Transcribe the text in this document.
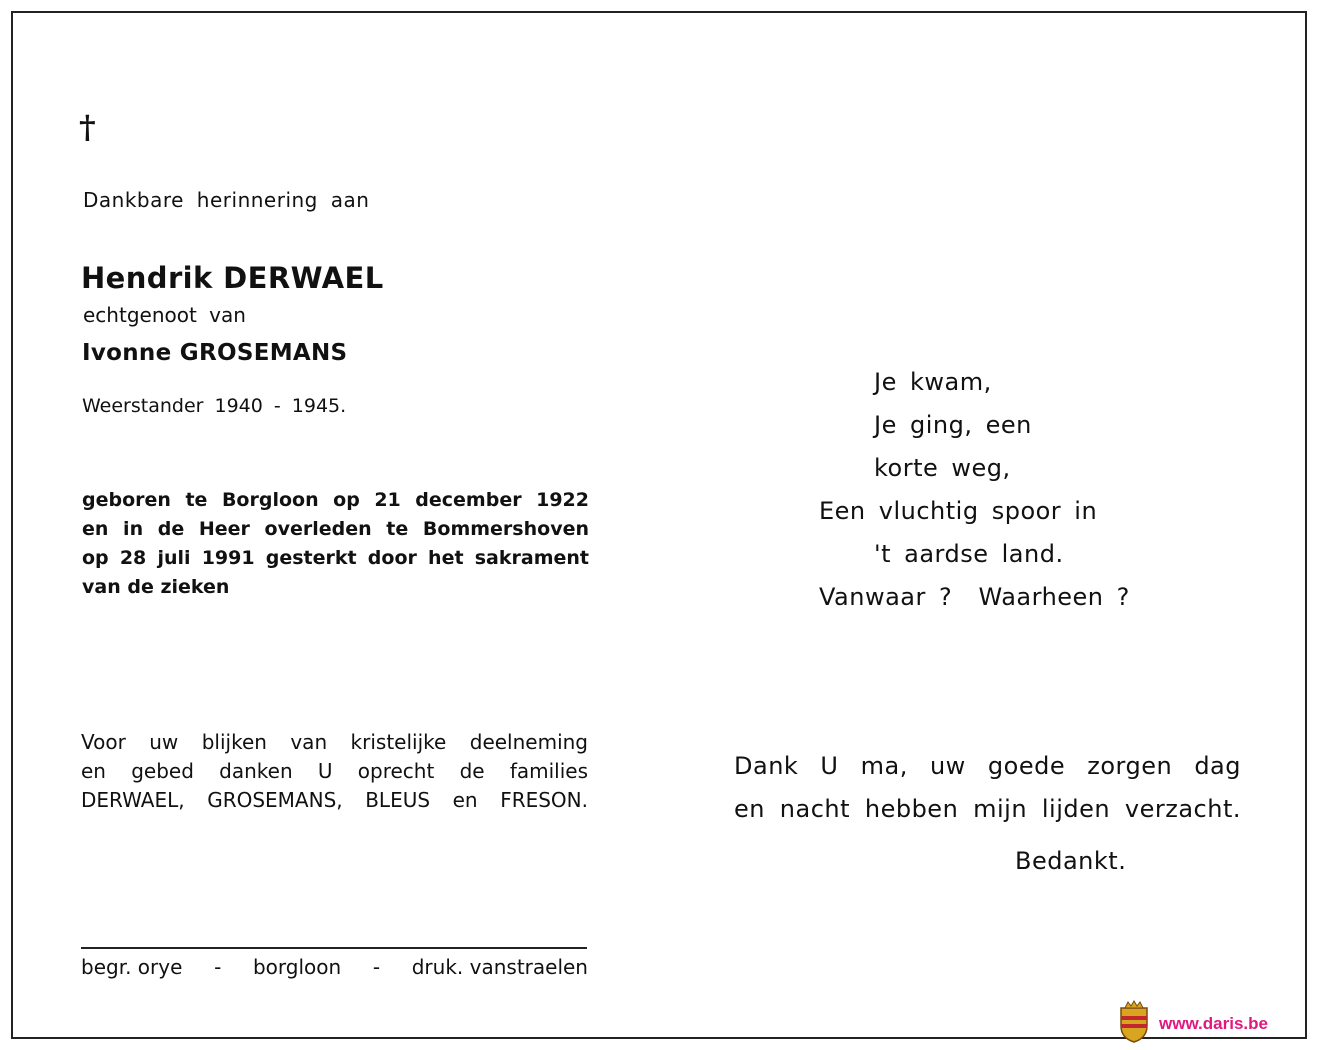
†
Dankbare herinnering aan
Hendrik DERWAEL
echtgenoot van
Ivonne GROSEMANS
Weerstander 1940 - 1945.
geboren te Borgloon op 21 december 1922
en in de Heer overleden te Bommershoven
op 28 juli 1991 gesterkt door het sakrament
van de zieken
Voor uw blijken van kristelijke deelneming
en gebed danken U oprecht de families
DERWAEL, GROSEMANS, BLEUS en FRESON.
begr. orye - borgloon - druk. vanstraelen
Je kwam,
Je ging, een
korte weg,
Een vluchtig spoor in
't aardse land.
Vanwaar ?  Waarheen ?
Dank U ma, uw goede zorgen dag
en nacht hebben mijn lijden verzacht.
Bedankt.
www.daris.be
